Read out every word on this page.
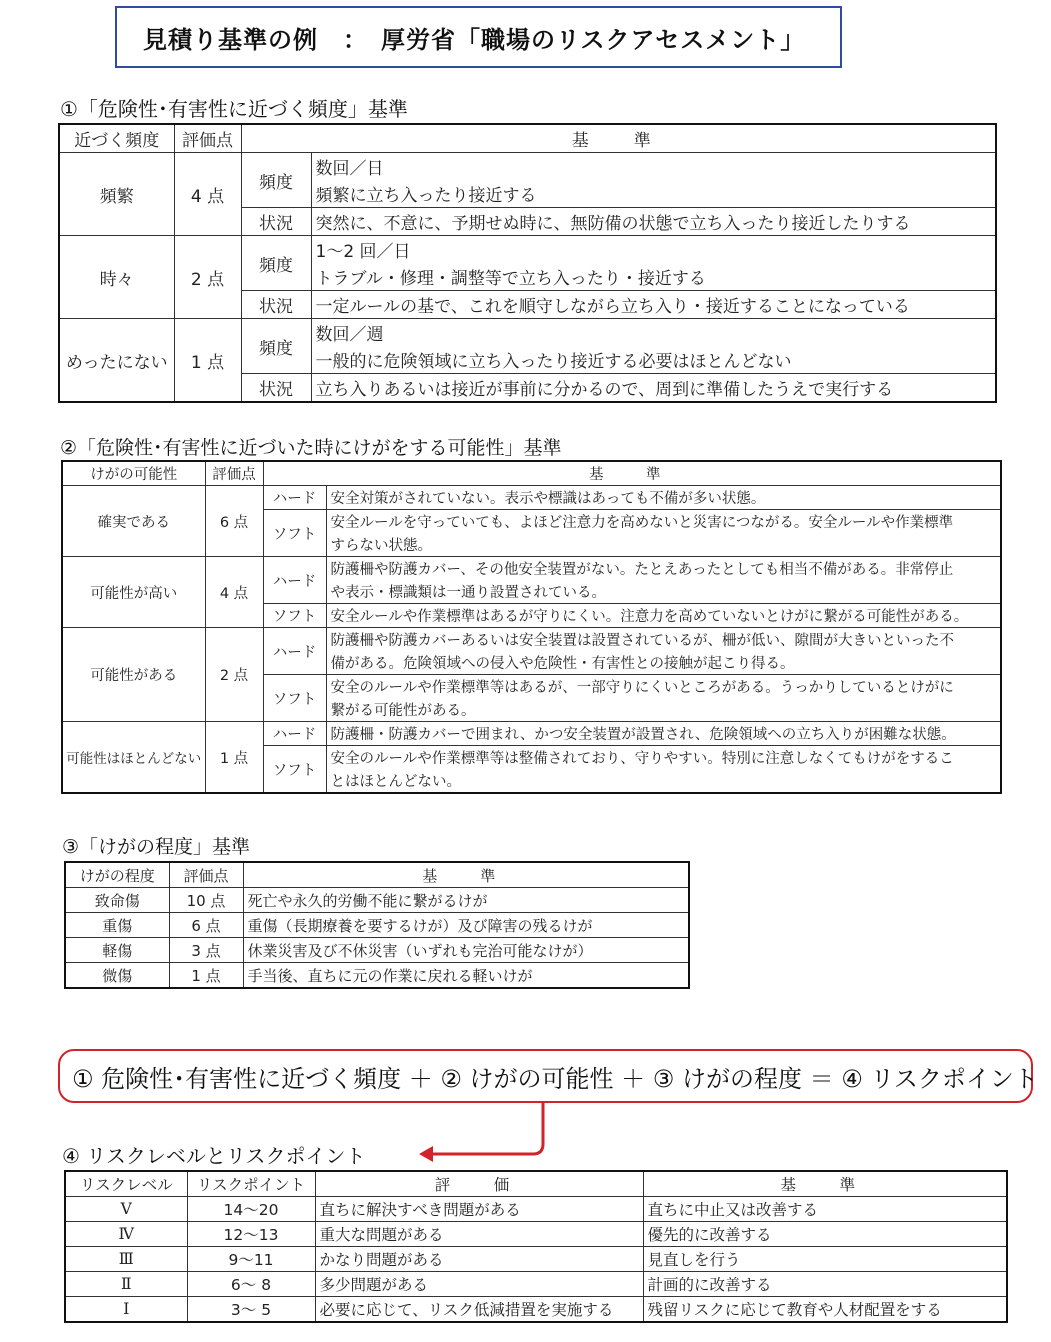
見積り基準の例　：　厚労省「職場のリスクアセスメント」
①「危険性･有害性に近づく頻度」基準
近づく頻度	評価点	基　準	
頻繁	4 点	頻度	数回／日
			頻繁に立ち入ったり接近する
		状況	突然に、不意に、予期せぬ時に、無防備の状態で立ち入ったり接近したりする
時々	2 点	頻度	1～2 回／日
			トラブル・修理・調整等で立ち入ったり・接近する
		状況	一定ルールの基で、これを順守しながら立ち入り・接近することになっている
めったにない	1 点	頻度	数回／週
			一般的に危険領域に立ち入ったり接近する必要はほとんどない
		状況	立ち入りあるいは接近が事前に分かるので、周到に準備したうえで実行する
②「危険性･有害性に近づいた時にけがをする可能性」基準
けがの可能性	評価点	基　準	
確実である	6 点	ハード	安全対策がされていない。表示や標識はあっても不備が多い状態。
		ソフト	安全ルールを守っていても、よほど注意力を高めないと災害につながる。安全ルールや作業標準
			すらない状態。
可能性が高い	4 点	ハード	防護柵や防護カバー、その他安全装置がない。たとえあったとしても相当不備がある。非常停止
			や表示・標識類は一通り設置されている。
		ソフト	安全ルールや作業標準はあるが守りにくい。注意力を高めていないとけがに繋がる可能性がある。
可能性がある	2 点	ハード	防護柵や防護カバーあるいは安全装置は設置されているが、柵が低い、隙間が大きいといった不
			備がある。危険領域への侵入や危険性・有害性との接触が起こり得る。
		ソフト	安全のルールや作業標準等はあるが、一部守りにくいところがある。うっかりしているとけがに
			繋がる可能性がある。
可能性はほとんどない	1 点	ハード	防護柵・防護カバーで囲まれ、かつ安全装置が設置され、危険領域への立ち入りが困難な状態。
		ソフト	安全のルールや作業標準等は整備されており、守りやすい。特別に注意しなくてもけがをするこ
			とはほとんどない。
③「けがの程度」基準
けがの程度	評価点	基　準
致命傷	10 点	死亡や永久的労働不能に繋がるけが
重傷	6 点	重傷（長期療養を要するけが）及び障害の残るけが
軽傷	3 点	休業災害及び不休災害（いずれも完治可能なけが）
微傷	1 点	手当後、直ちに元の作業に戻れる軽いけが
① 危険性･有害性に近づく頻度 ＋ ② けがの可能性 ＋ ③ けがの程度 ＝ ④ リスクポイント
④ リスクレベルとリスクポイント
リスクレベル	リスクポイント	評　価	基　準
Ⅴ	14～20	直ちに解決すべき問題がある	直ちに中止又は改善する
Ⅳ	12～13	重大な問題がある	優先的に改善する
Ⅲ	9～11	かなり問題がある	見直しを行う
Ⅱ	6～ 8	多少問題がある	計画的に改善する
Ⅰ	3～ 5	必要に応じて、リスク低減措置を実施する	残留リスクに応じて教育や人材配置をする
